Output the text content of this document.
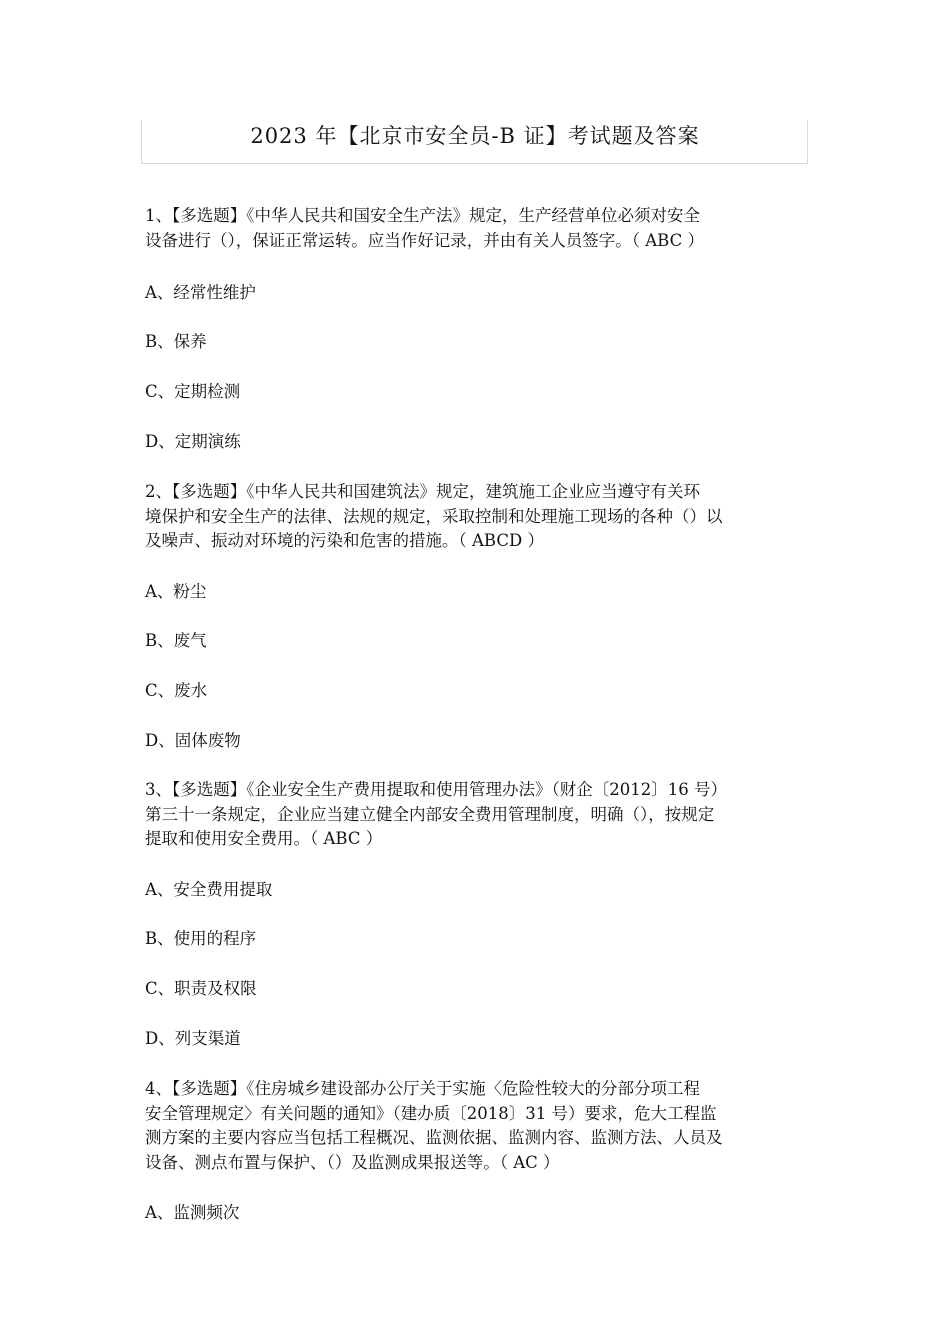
2023 年【北京市安全员-B 证】考试题及答案
1、【多选题】《中华人民共和国安全生产法》规定，生产经营单位必须对安全
设备进行（），保证正常运转。应当作好记录，并由有关人员签字。（ ABC ）
A、经常性维护
B、保养
C、定期检测
D、定期演练
2、【多选题】《中华人民共和国建筑法》规定，建筑施工企业应当遵守有关环
境保护和安全生产的法律、法规的规定，采取控制和处理施工现场的各种（）以
及噪声、振动对环境的污染和危害的措施。（ ABCD ）
A、粉尘
B、废气
C、废水
D、固体废物
3、【多选题】《企业安全生产费用提取和使用管理办法》（财企〔2012〕16 号）
第三十一条规定，企业应当建立健全内部安全费用管理制度，明确（），按规定
提取和使用安全费用。（ ABC ）
A、安全费用提取
B、使用的程序
C、职责及权限
D、列支渠道
4、【多选题】《住房城乡建设部办公厅关于实施〈危险性较大的分部分项工程
安全管理规定〉有关问题的通知》（建办质〔2018〕31 号）要求，危大工程监
测方案的主要内容应当包括工程概况、监测依据、监测内容、监测方法、人员及
设备、测点布置与保护、（）及监测成果报送等。（ AC ）
A、监测频次
